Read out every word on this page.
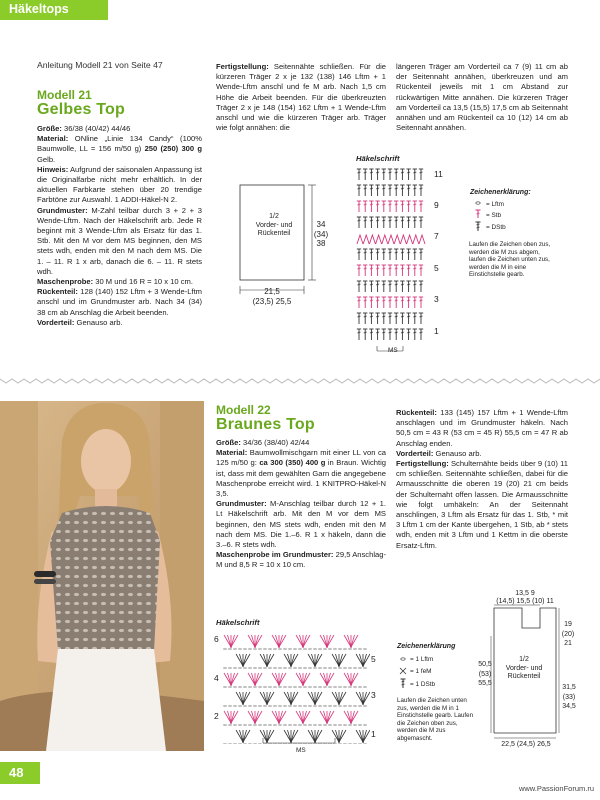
Häkeltops
Anleitung Modell 21 von Seite 47
Modell 21
Gelbes Top

Größe: 36/38 (40/42) 44/46

Material: ONline „Linie 134 Candy“ (100% Baumwolle, LL = 156 m/50 g) 250 (250) 300 g Gelb.

Hinweis: Aufgrund der saisonalen Anpassung ist die Originalfarbe nicht mehr erhältlich. In der aktuellen Farbkarte stehen über 20 trendige Farbtöne zur Auswahl. 1 ADDI-Häkel-N 2.

Grundmuster: M-Zahl teilbar durch 3 + 2 + 3 Wende-Lftm. Nach der Häkelschrift arb. Jede R beginnt mit 3 Wende-Lftm als Ersatz für das 1. Stb. Mit den M vor dem MS beginnen, den MS stets wdh, enden mit den M nach dem MS. Die 1. – 11. R 1 x arb, danach die 6. – 11. R stets wdh.

Maschenprobe: 30 M und 16 R = 10 x 10 cm.

Rückenteil: 128 (140) 152 Lftm + 3 Wende-Lftm anschl und im Grundmuster arb. Nach 34 (34) 38 cm ab Anschlag die Arbeit beenden.

Vorderteil: Genauso arb.

Fertigstellung: Seitennähte schließen. Für die kürzeren Träger 2 x je 132 (138) 146 Lftm + 1 Wende-Lftm anschl und fe M arb. Nach 1,5 cm Höhe die Arbeit beenden. Für die überkreuzten Träger 2 x je 148 (154) 162 Lftm + 1 Wende-Lftm anschl und wie die kürzeren Träger arb. Träger wie folgt annähen: die

längeren Träger am Vorderteil ca 7 (9) 11 cm ab der Seitennaht annähen, überkreuzen und am Rückenteil jeweils mit 1 cm Abstand zur rückwärtigen Mitte annähen. Die kürzeren Träger am Vorderteil ca 13,5 (15,5) 17,5 cm ab Seitennaht annähen und am Rückenteil ca 10 (12) 14 cm ab Seitennaht annähen.

1/2
Vorder- und
Rückenteil
34
(34)
38
21,5
(23,5) 25,5
Häkelschrift
11
9
7
5
3
1
MS
Zeichenerklärung:
= Lftm
= Stb
= DStb
Laufen die Zeichen oben zus, werden die M zus abgem, laufen die Zeichen unten zus, werden die M in eine Einstichstelle gearb.
Modell 22
Braunes Top

Größe: 34/36 (38/40) 42/44

Material: Baumwollmischgarn mit einer LL von ca 125 m/50 g: ca 300 (350) 400 g in Braun. Wichtig ist, dass mit dem gewählten Garn die angegebene Maschenprobe erreicht wird. 1 KNITPRO-Häkel-N 3,5.

Grundmuster: M-Anschlag teilbar durch 12 + 1. Lt Häkelschrift arb. Mit den M vor dem MS beginnen, den MS stets wdh, enden mit den M nach dem MS. Die 1.–6. R 1 x häkeln, dann die 3.–6. R stets wdh.

Maschenprobe im Grundmuster: 29,5 Anschlag-M und 8,5 R = 10 x 10 cm.

Rückenteil: 133 (145) 157 Lftm + 1 Wende-Lftm anschlagen und im Grundmuster häkeln. Nach 50,5 cm = 43 R (53 cm = 45 R) 55,5 cm = 47 R ab Anschlag enden.

Vorderteil: Genauso arb.

Fertigstellung: Schulternähte beids über 9 (10) 11 cm schließen. Seitennähte schließen, dabei für die Armausschnitte die oberen 19 (20) 21 cm beids der Schulternaht offen lassen. Die Armausschnitte wie folgt umhäkeln: An der Seitennaht anschlingen, 3 Lftm als Ersatz für das 1. Stb, * mit 3 Lftm 1 cm der Kante übergehen, 1 Stb, ab * stets wdh, enden mit 3 Lftm und 1 Kettm in die oberste Ersatz-Lftm.

Häkelschrift
6
4
2
5
3
1
MS
Zeichenerklärung
= 1 Lftm
= 1 feM
= 1 DStb
Laufen die Zeichen unten zus, werden die M in 1 Einstichstelle gearb. Laufen die Zeichen oben zus, werden die M zus abgemascht.
13,5 9
(14,5) 15,5 (10) 11
1/2
Vorder- und
Rückenteil
50,5
(53)
55,5
19
(20)
21
31,5
(33)
34,5
22,5 (24,5) 26,5
48
www.PassionForum.ru
